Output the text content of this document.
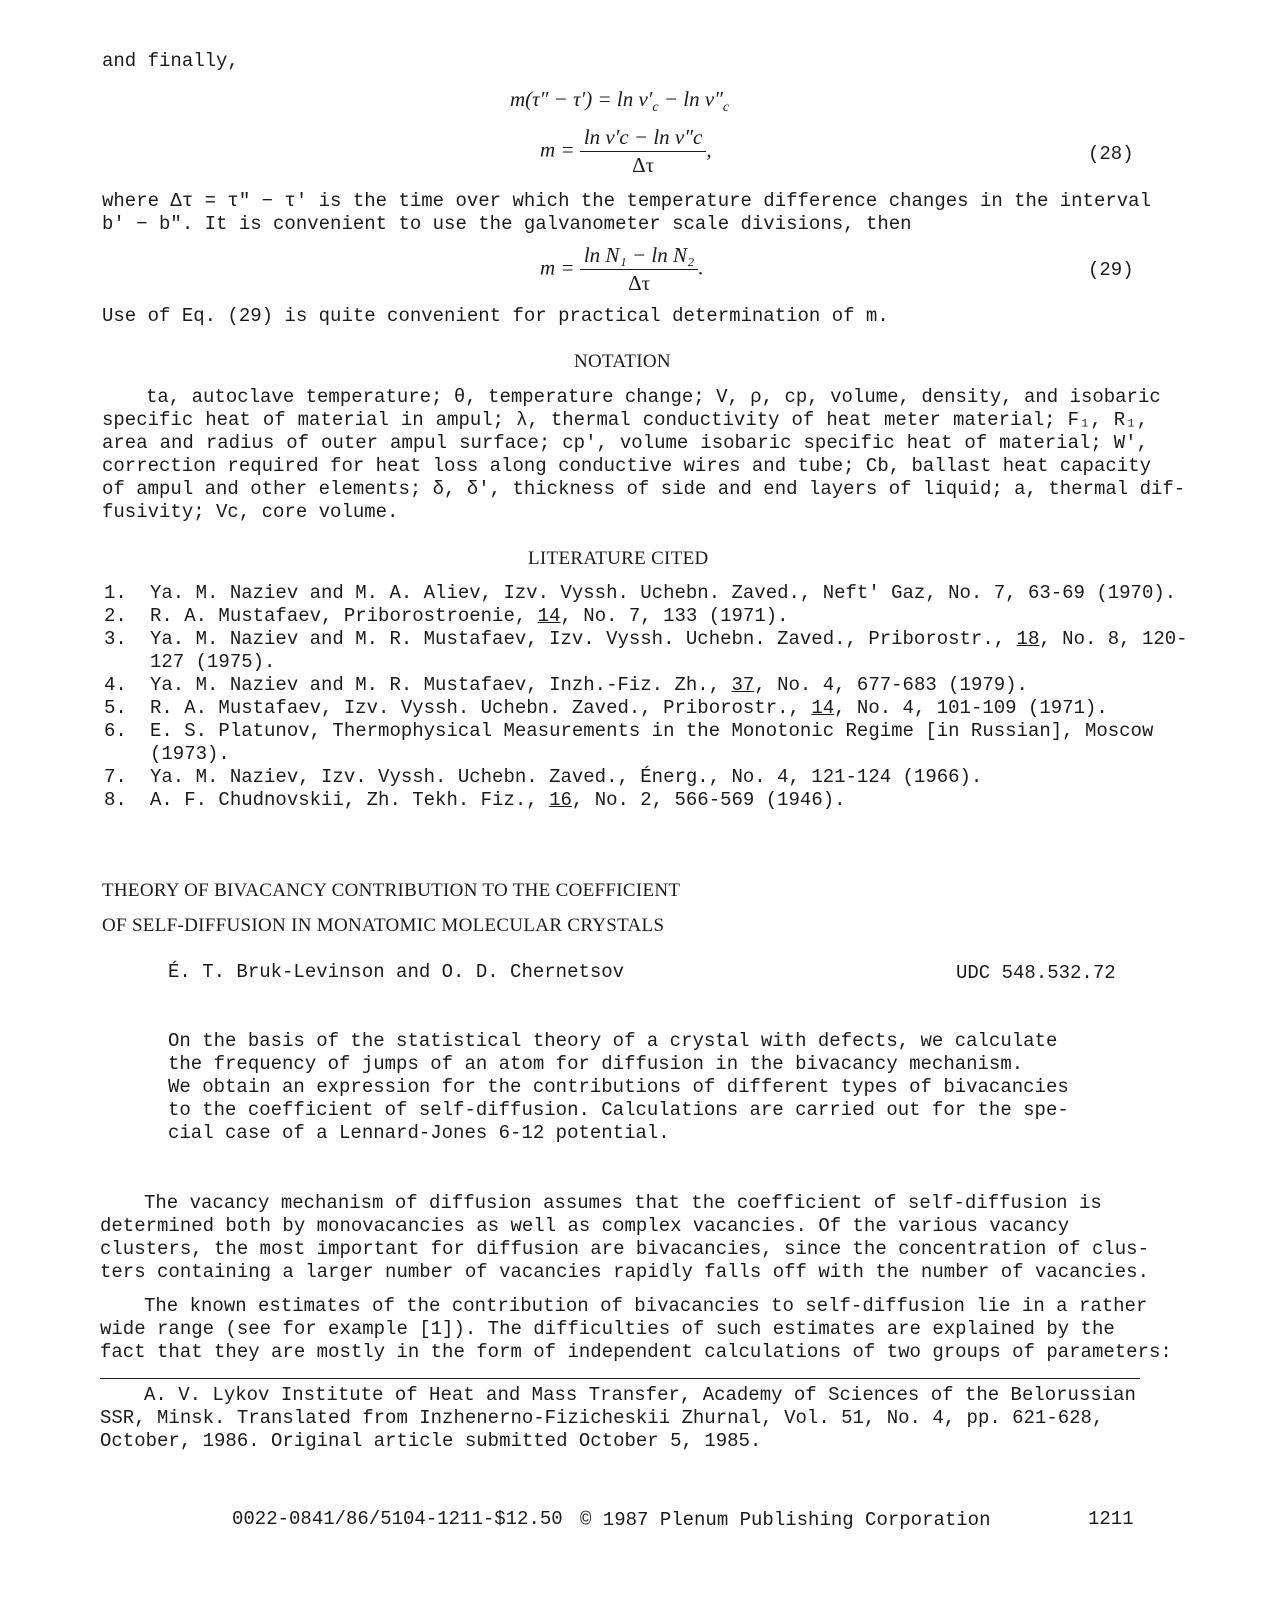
and finally,
$m(\tau'' - \tau') = \ln v'_c - \ln v''_c$
$m = \frac{\text{ln v′c − ln v″c}}{\Delta\tau}$ ,	(28)
where Δτ = τ" − τ' is the time over which the temperature difference changes in the interval
b' − b". It is convenient to use the galvanometer scale divisions, then
$m = \frac{\text{ln N₁ − ln N₂}}{\Delta\tau}$ .	(29)
Use of Eq. (29) is quite convenient for practical determination of m.
NOTATION
ta, autoclave temperature; θ, temperature change; V, ρ, cp, volume, density, and isobaric
specific heat of material in ampul; λ, thermal conductivity of heat meter material; F₁, R₁,
area and radius of outer ampul surface; cp', volume isobaric specific heat of material; W',
correction required for heat loss along conductive wires and tube; Cb, ballast heat capacity
of ampul and other elements; δ, δ', thickness of side and end layers of liquid; a, thermal dif-
fusivity; Vc, core volume.
LITERATURE CITED
1. Ya. M. Naziev and M. A. Aliev, Izv. Vyssh. Uchebn. Zaved., Neft' Gaz, No. 7, 63-69 (1970).
2. R. A. Mustafaev, Priborostroenie, 14, No. 7, 133 (1971).
3. Ya. M. Naziev and M. R. Mustafaev, Izv. Vyssh. Uchebn. Zaved., Priborostr., 18, No. 8, 120-
127 (1975).
4. Ya. M. Naziev and M. R. Mustafaev, Inzh.-Fiz. Zh., 37, No. 4, 677-683 (1979).
5. R. A. Mustafaev, Izv. Vyssh. Uchebn. Zaved., Priborostr., 14, No. 4, 101-109 (1971).
6. E. S. Platunov, Thermophysical Measurements in the Monotonic Regime [in Russian], Moscow
(1973).
7. Ya. M. Naziev, Izv. Vyssh. Uchebn. Zaved., Énerg., No. 4, 121-124 (1966).
8. A. F. Chudnovskii, Zh. Tekh. Fiz., 16, No. 2, 566-569 (1946).
THEORY OF BIVACANCY CONTRIBUTION TO THE COEFFICIENT
OF SELF-DIFFUSION IN MONATOMIC MOLECULAR CRYSTALS
É. T. Bruk-Levinson and O. D. Chernetsov	UDC 548.532.72
On the basis of the statistical theory of a crystal with defects, we calculate
the frequency of jumps of an atom for diffusion in the bivacancy mechanism.
We obtain an expression for the contributions of different types of bivacancies
to the coefficient of self-diffusion. Calculations are carried out for the spe-
cial case of a Lennard-Jones 6-12 potential.
The vacancy mechanism of diffusion assumes that the coefficient of self-diffusion is
determined both by monovacancies as well as complex vacancies. Of the various vacancy
clusters, the most important for diffusion are bivacancies, since the concentration of clus-
ters containing a larger number of vacancies rapidly falls off with the number of vacancies.
The known estimates of the contribution of bivacancies to self-diffusion lie in a rather
wide range (see for example [1]). The difficulties of such estimates are explained by the
fact that they are mostly in the form of independent calculations of two groups of parameters:
A. V. Lykov Institute of Heat and Mass Transfer, Academy of Sciences of the Belorussian
SSR, Minsk. Translated from Inzhenerno-Fizicheskii Zhurnal, Vol. 51, No. 4, pp. 621-628,
October, 1986. Original article submitted October 5, 1985.
0022-0841/86/5104-1211-$12.50 © 1987 Plenum Publishing Corporation	1211
